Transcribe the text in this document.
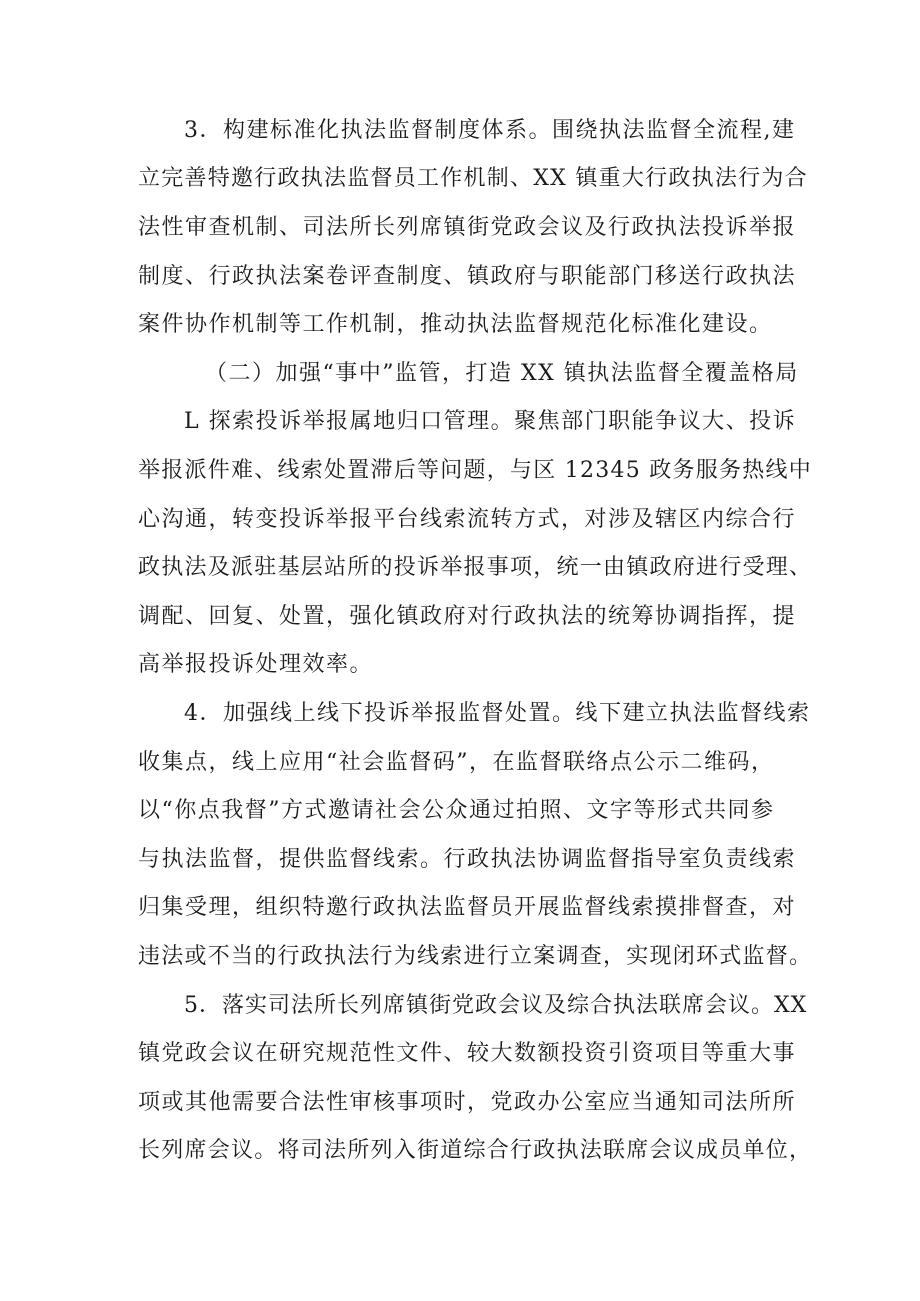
3．构建标准化执法监督制度体系。围绕执法监督全流程,建
立完善特邀行政执法监督员工作机制、XX 镇重大行政执法行为合
法性审查机制、司法所长列席镇街党政会议及行政执法投诉举报
制度、行政执法案卷评查制度、镇政府与职能部门移送行政执法
案件协作机制等工作机制，推动执法监督规范化标准化建设。
（二）加强“事中”监管，打造 XX 镇执法监督全覆盖格局
L 探索投诉举报属地归口管理。聚焦部门职能争议大、投诉
举报派件难、线索处置滞后等问题，与区 12345 政务服务热线中
心沟通，转变投诉举报平台线索流转方式，对涉及辖区内综合行
政执法及派驻基层站所的投诉举报事项，统一由镇政府进行受理、
调配、回复、处置，强化镇政府对行政执法的统筹协调指挥，提
高举报投诉处理效率。
4．加强线上线下投诉举报监督处置。线下建立执法监督线索
收集点，线上应用“社会监督码”，在监督联络点公示二维码，
以“你点我督”方式邀请社会公众通过拍照、文字等形式共同参
与执法监督，提供监督线索。行政执法协调监督指导室负责线索
归集受理，组织特邀行政执法监督员开展监督线索摸排督查，对
违法或不当的行政执法行为线索进行立案调查，实现闭环式监督。
5．落实司法所长列席镇街党政会议及综合执法联席会议。XX
镇党政会议在研究规范性文件、较大数额投资引资项目等重大事
项或其他需要合法性审核事项时，党政办公室应当通知司法所所
长列席会议。将司法所列入街道综合行政执法联席会议成员单位，
